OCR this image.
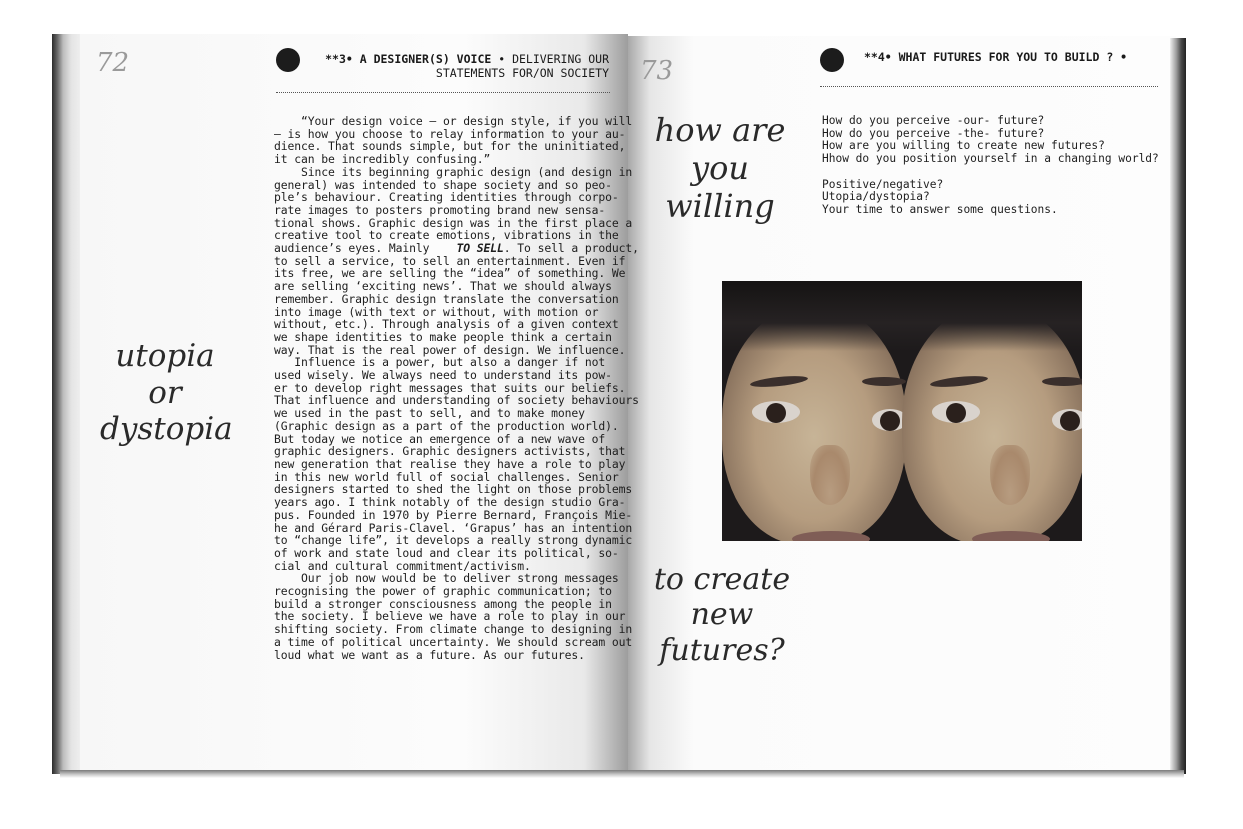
72	**3• A DESIGNER(S) VOICE • DELIVERING OUR
STATEMENTS FOR/ON SOCIETY
utopia
or
dystopia
“Your design voice – or design style, if you will
– is how you choose to relay information to your au-
dience. That sounds simple, but for the uninitiated,
it can be incredibly confusing.”
Since its beginning graphic design (and design in
general) was intended to shape society and so peo-
ple’s behaviour. Creating identities through corpo-
rate images to posters promoting brand new sensa-
tional shows. Graphic design was in the first place a
creative tool to create emotions, vibrations in the
audience’s eyes. Mainly    TO SELL. To sell a product,
to sell a service, to sell an entertainment. Even if
its free, we are selling the “idea” of something. We
are selling ‘exciting news’. That we should always
remember. Graphic design translate the conversation
into image (with text or without, with motion or
without, etc.). Through analysis of a given context
we shape identities to make people think a certain
way. That is the real power of design. We influence.
Influence is a power, but also a danger if not
used wisely. We always need to understand its pow-
er to develop right messages that suits our beliefs.
That influence and understanding of society behaviours
we used in the past to sell, and to make money
(Graphic design as a part of the production world).
But today we notice an emergence of a new wave of
graphic designers. Graphic designers activists, that
new generation that realise they have a role to play
in this new world full of social challenges. Senior
designers started to shed the light on those problems
years ago. I think notably of the design studio Gra-
pus. Founded in 1970 by Pierre Bernard, François Mie-
he and Gérard Paris-Clavel. ‘Grapus’ has an intention
to “change life”, it develops a really strong dynamic
of work and state loud and clear its political, so-
cial and cultural commitment/activism.
Our job now would be to deliver strong messages
recognising the power of graphic communication; to
build a stronger consciousness among the people in
the society. I believe we have a role to play in our
shifting society. From climate change to designing in
a time of political uncertainty. We should scream out
loud what we want as a future. As our futures.
73	**4• WHAT FUTURES FOR YOU TO BUILD ? •
how are
you
willing
How do you perceive -our- future?
How do you perceive -the- future?
How are you willing to create new futures?
Hhow do you position yourself in a changing world?

Positive/negative?
Utopia/dystopia?
Your time to answer some questions.
to create
new
futures?
